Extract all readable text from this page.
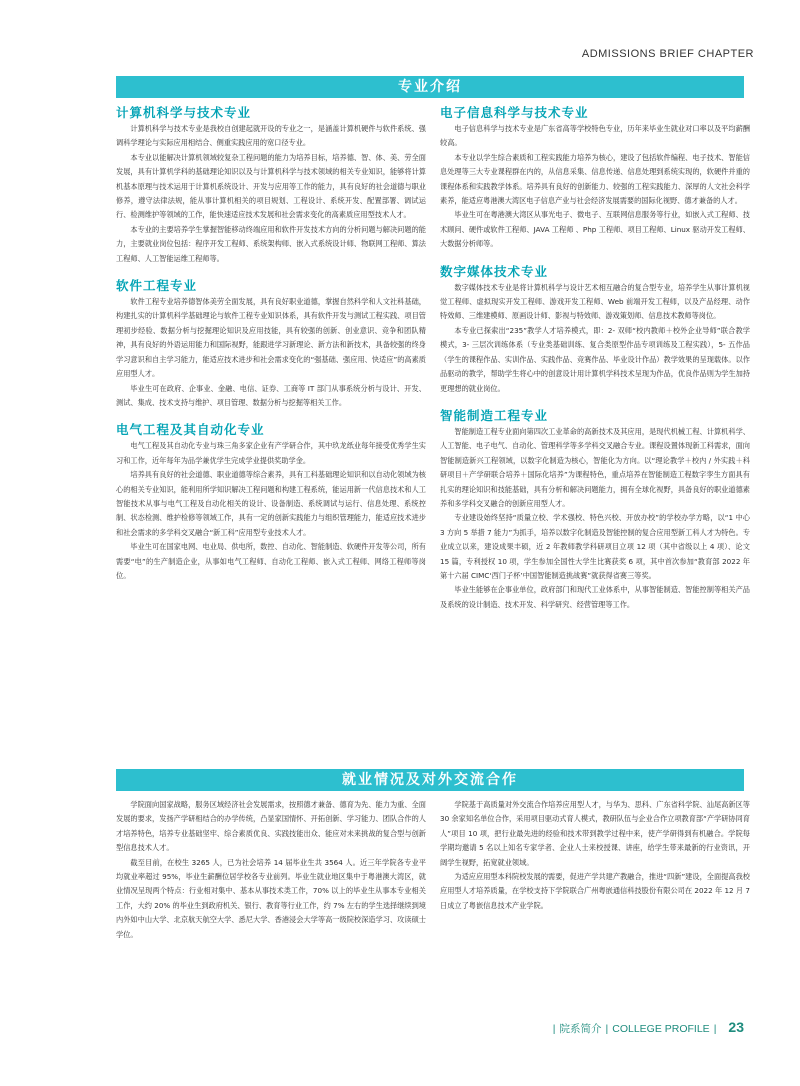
ADMISSIONS BRIEF CHAPTER
专业介绍
计算机科学与技术专业

计算机科学与技术专业是我校自创建起就开设的专业之一，是涵盖计算机硬件与软件系统、强调科学理论与实际应用相结合、侧重实践应用的宽口径专业。

本专业以能解决计算机领域较复杂工程问题的能力为培养目标，培养德、智、体、美、劳全面发展，具有计算机学科的基础理论知识以及与计算机科学与技术领域的相关专业知识，能够将计算机基本原理与技术运用于计算机系统设计、开发与应用等工作的能力，具有良好的社会道德与职业修养，遵守法律法规，能从事计算机相关的项目规划、工程设计、系统开发、配置部署、调试运行、检测维护等领域的工作，能快速适应技术发展和社会需求变化的高素质应用型技术人才。

本专业的主要培养学生掌握智能移动终端应用和软件开发技术方向的分析问题与解决问题的能力，主要就业岗位包括：程序开发工程师、系统架构师、嵌入式系统设计师、物联网工程师、算法工程师、人工智能运维工程师等。

软件工程专业

软件工程专业培养德智体美劳全面发展，具有良好职业道德，掌握自然科学和人文社科基础，构建扎实的计算机科学基础理论与软件工程专业知识体系，具有软件开发与测试工程实践、项目管理初步经验、数据分析与挖掘理论知识及应用技能，具有较强的创新、创业意识、竞争和团队精神，具有良好的外语运用能力和国际视野，能跟进学习新理论、新方法和新技术，具备较强的终身学习意识和自主学习能力，能适应技术进步和社会需求变化的“强基础、强应用、快适应”的高素质应用型人才。

毕业生可在政府、企事业、金融、电信、证券、工商等 IT 部门从事系统分析与设计、开发、测试、集成、技术支持与维护、项目管理、数据分析与挖掘等相关工作。

电气工程及其自动化专业

电气工程及其自动化专业与珠三角多家企业有产学研合作，其中玖龙纸业每年接受优秀学生实习和工作，近年每年为品学兼优学生完成学业提供奖助学金。

培养具有良好的社会道德、职业道德等综合素养，具有工科基础理论知识和以自动化领域为核心的相关专业知识，能利用所学知识解决工程问题和构建工程系统，能运用新一代信息技术和人工智能技术从事与电气工程及自动化相关的设计、设备制造、系统调试与运行、信息处理、系统控制、状态检测、维护检修等领域工作，具有一定的创新实践能力与组织管理能力，能适应技术进步和社会需求的多学科交叉融合“新工科”应用型专业技术人才。

毕业生可在国家电网、电业局、供电所，数控、自动化、智能制造、软硬件开发等公司，所有需要“电”的生产制造企业，从事如电气工程师、自动化工程师、嵌入式工程师、网络工程师等岗位。

电子信息科学与技术专业

电子信息科学与技术专业是广东省高等学校特色专业，历年来毕业生就业对口率以及平均薪酬较高。

本专业以学生综合素质和工程实践能力培养为核心，建设了包括软件编程、电子技术、智能信息处理等三大专业课程群在内的，从信息采集、信息传递、信息处理到系统实现的，软硬件并重的课程体系和实践教学体系。培养具有良好的创新能力、较强的工程实践能力、深厚的人文社会科学素养，能适应粤港澳大湾区电子信息产业与社会经济发展需要的国际化视野、德才兼备的人才。

毕业生可在粤港澳大湾区从事光电子、微电子、互联网信息服务等行业，如嵌入式工程师、技术顾问、硬件或软件工程师、JAVA 工程师 、Php 工程师、项目工程师、Linux 驱动开发工程师、大数据分析师等。

数字媒体技术专业

数字媒体技术专业是将计算机科学与设计艺术相互融合的复合型专业，培养学生从事计算机视觉工程师、虚拟现实开发工程师、游戏开发工程师、Web 前端开发工程师，以及产品经理、动作特效师、三维建模师、原画设计师、影视与特效师、游戏策划师、信息技术教师等岗位。

本专业已探索出“235”教学人才培养模式，即：2- 双师“校内教师＋校外企业导师”联合教学模式，3- 三层次训练体系（专业类基础训练、复合类原型作品专项训练及工程实践），5- 五作品（学生的课程作品、实训作品、实践作品、竞赛作品、毕业设计作品）教学效果的呈现载体。以作品驱动的教学，帮助学生将心中的创意设计用计算机学科技术呈现为作品，优良作品则为学生加持更理想的就业岗位。

智能制造工程专业

智能制造工程专业面向第四次工业革命的高新技术及其应用，是现代机械工程、计算机科学、人工智能、电子电气、自动化、管理科学等多学科交叉融合专业。课程设置体现新工科需求，面向智能制造新兴工程领域，以数字化制造为核心，智能化为方向。以“理论教学＋校内 / 外实践＋科研项目＋产学研联合培养＋国际化培养”为课程特色，重点培养在智能制造工程数字孪生方面具有扎实的理论知识和技能基础，具有分析和解决问题能力，拥有全球化视野，具备良好的职业道德素养和多学科交叉融合的创新应用型人才。

专业建设始终坚持“质量立校、学术强校、特色兴校、开放办校”的学校办学方略，以“1 中心 3 方向 5 举措 7 能力”为抓手，培养以数字化制造及智能控制的复合应用型新工科人才为特色。专业成立以来，建设成果丰硕，近 2 年教师教学科研项目立项 12 项（其中省级以上 4 项）、论文 15 篇，专利授权 10 项，学生参加全国性大学生比赛获奖 6 项，其中首次参加“教育部 2022 年第十六届 CIMC‘西门子杯’中国智能制造挑战赛”就获得省赛三等奖。

毕业生能够在企事业单位，政府部门和现代工业体系中，从事智能制造、智能控制等相关产品及系统的设计制造、技术开发、科学研究、经营管理等工作。

就业情况及对外交流合作

学院面向国家战略，服务区域经济社会发展需求，按照德才兼备、德育为先、能力为重、全面发展的要求，发扬产学研相结合的办学传统，凸显家国情怀、开拓创新、学习能力、团队合作的人才培养特色，培养专业基础坚牢、综合素质优良、实践技能出众、能应对未来挑战的复合型与创新型信息技术人才。

截至目前，在校生 3265 人，已为社会培养 14 届毕业生共 3564 人。近三年学院各专业平均就业率超过 95%，毕业生薪酬位居学校各专业前列。毕业生就业地区集中于粤港澳大湾区，就业情况呈现两个特点：行业相对集中、基本从事技术类工作，70% 以上的毕业生从事本专业相关工作，大约 20% 的毕业生到政府机关、银行、教育等行业工作，约 7% 左右的学生选择继续到境内外如中山大学、北京航天航空大学、悉尼大学、香港浸会大学等高一级院校深造学习、攻读硕士学位。

学院基于高质量对外交流合作培养应用型人才，与华为、思科、广东省科学院、汕尾高新区等 30 余家知名单位合作，采用项目驱动式育人模式，教研队伍与企业合作立项教育部“产学研协同育人”项目 10 项，把行业最先进的经验和技术带到教学过程中来，使产学研得到有机融合。学院每学期均邀请 5 名以上知名专家学者、企业人士来校授课、讲座，给学生带来最新的行业资讯，开阔学生视野，拓宽就业领域。

为适应应用型本科院校发展的需要，促进产学共建产教融合，推进“四新”建设，全面提高我校应用型人才培养质量，在学校支持下学院联合广州粤嵌通信科技股份有限公司在 2022 年 12 月 7 日成立了粤嵌信息技术产业学院。

| 院系简介 | COLLEGE PROFILE | 23
